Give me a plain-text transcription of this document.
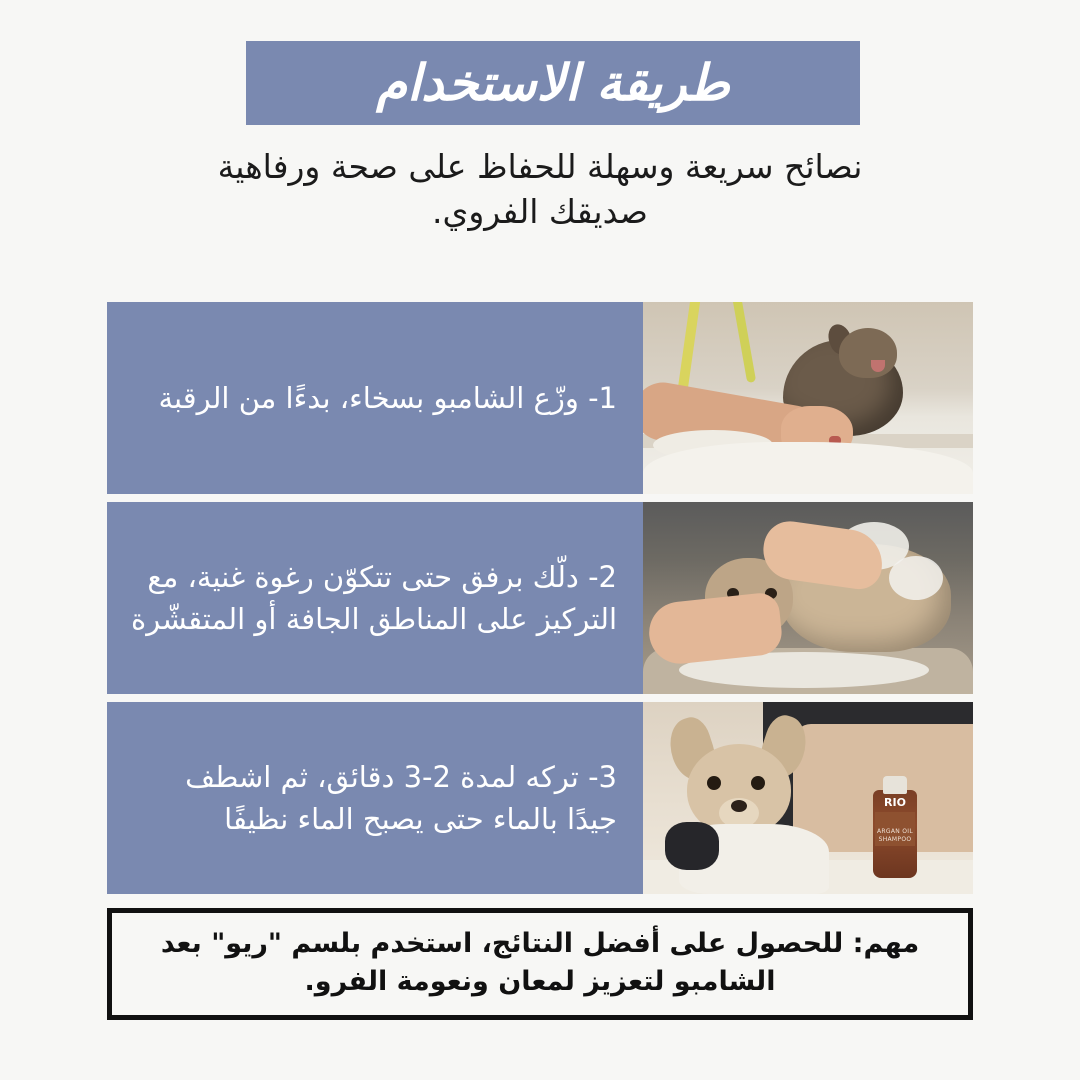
طريقة الاستخدام
نصائح سريعة وسهلة للحفاظ على صحة ورفاهية صديقك الفروي.
1- وزّع الشامبو بسخاء، بدءًا من الرقبة
2- دلّك برفق حتى تتكوّن رغوة غنية، مع التركيز على المناطق الجافة أو المتقشّرة
RIO
ARGAN OIL SHAMPOO
3- تركه لمدة 2-3 دقائق، ثم اشطف جيدًا بالماء حتى يصبح الماء نظيفًا
مهم: للحصول على أفضل النتائج، استخدم بلسم "ريو" بعد الشامبو لتعزيز لمعان ونعومة الفرو.
